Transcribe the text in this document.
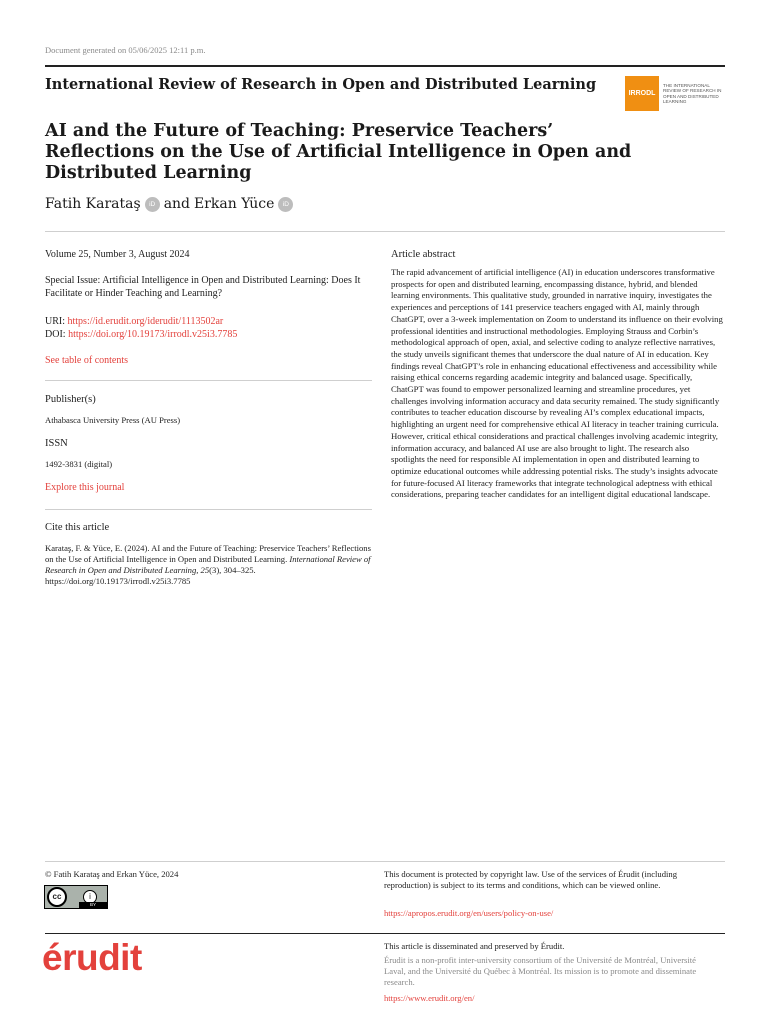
Document generated on 05/06/2025 12:11 p.m.
International Review of Research in Open and Distributed Learning
IRRODL
THE INTERNATIONAL REVIEW OF RESEARCH IN OPEN AND DISTRIBUTED LEARNING
AI and the Future of Teaching: Preservice Teachers’ Reflections on the Use of Artificial Intelligence in Open and Distributed Learning
Fatih Karataş	iD and Erkan Yüce	iD
Volume 25, Number 3, August 2024
Special Issue: Artificial Intelligence in Open and Distributed Learning: Does It Facilitate or Hinder Teaching and Learning?
URI: https://id.erudit.org/iderudit/1113502ar
DOI: https://doi.org/10.19173/irrodl.v25i3.7785
See table of contents
Publisher(s)
Athabasca University Press (AU Press)
ISSN
1492-3831 (digital)
Explore this journal
Cite this article
Karataş, F. & Yüce, E. (2024). AI and the Future of Teaching: Preservice Teachers’ Reflections on the Use of Artificial Intelligence in Open and Distributed Learning. International Review of Research in Open and Distributed Learning, 25(3), 304–325. https://doi.org/10.19173/irrodl.v25i3.7785
Article abstract
The rapid advancement of artificial intelligence (AI) in education underscores transformative prospects for open and distributed learning, encompassing distance, hybrid, and blended learning environments. This qualitative study, grounded in narrative inquiry, investigates the experiences and perceptions of 141 preservice teachers engaged with AI, mainly through ChatGPT, over a 3-week implementation on Zoom to understand its influence on their evolving professional identities and instructional methodologies. Employing Strauss and Corbin’s methodological approach of open, axial, and selective coding to analyze reflective narratives, the study unveils significant themes that underscore the dual nature of AI in education. Key findings reveal ChatGPT’s role in enhancing educational effectiveness and accessibility while raising ethical concerns regarding academic integrity and balanced usage. Specifically, ChatGPT was found to empower personalized learning and streamline procedures, yet challenges involving information accuracy and data security remained. The study significantly contributes to teacher education discourse by revealing AI’s complex educational impacts, highlighting an urgent need for comprehensive ethical AI literacy in teacher training curricula. However, critical ethical considerations and practical challenges involving academic integrity, information accuracy, and balanced AI use are also brought to light. The research also spotlights the need for responsible AI implementation in open and distributed learning to optimize educational outcomes while addressing potential risks. The study’s insights advocate for future-focused AI literacy frameworks that integrate technological adeptness with ethical considerations, preparing teacher candidates for an intelligent digital educational landscape.
© Fatih Karataş and Erkan Yüce, 2024
cc	i
BY
This document is protected by copyright law. Use of the services of Érudit (including reproduction) is subject to its terms and conditions, which can be viewed online.
https://apropos.erudit.org/en/users/policy-on-use/
érudit	This article is disseminated and preserved by Érudit.
Érudit is a non-profit inter-university consortium of the Université de Montréal, Université Laval, and the Université du Québec à Montréal. Its mission is to promote and disseminate research.
https://www.erudit.org/en/
